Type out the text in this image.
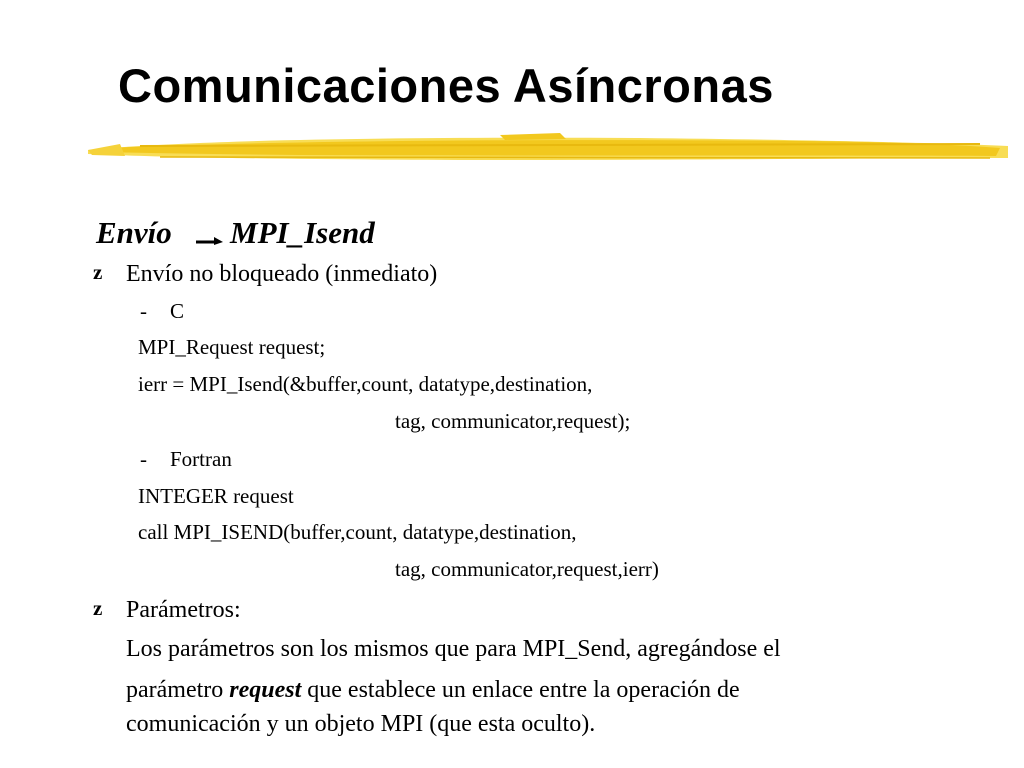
Comunicaciones Asíncronas
Envío MPI_Isend
z Envío no bloqueado (inmediato)
- C
MPI_Request request;
ierr = MPI_Isend(&buffer,count, datatype,destination,
tag, communicator,request);
- Fortran
INTEGER request
call MPI_ISEND(buffer,count, datatype,destination,
tag, communicator,request,ierr)
z Parámetros:
Los parámetros son los mismos que para MPI_Send, agregándose el
parámetro request que establece un enlace entre la operación de
comunicación y un objeto MPI (que esta oculto).
